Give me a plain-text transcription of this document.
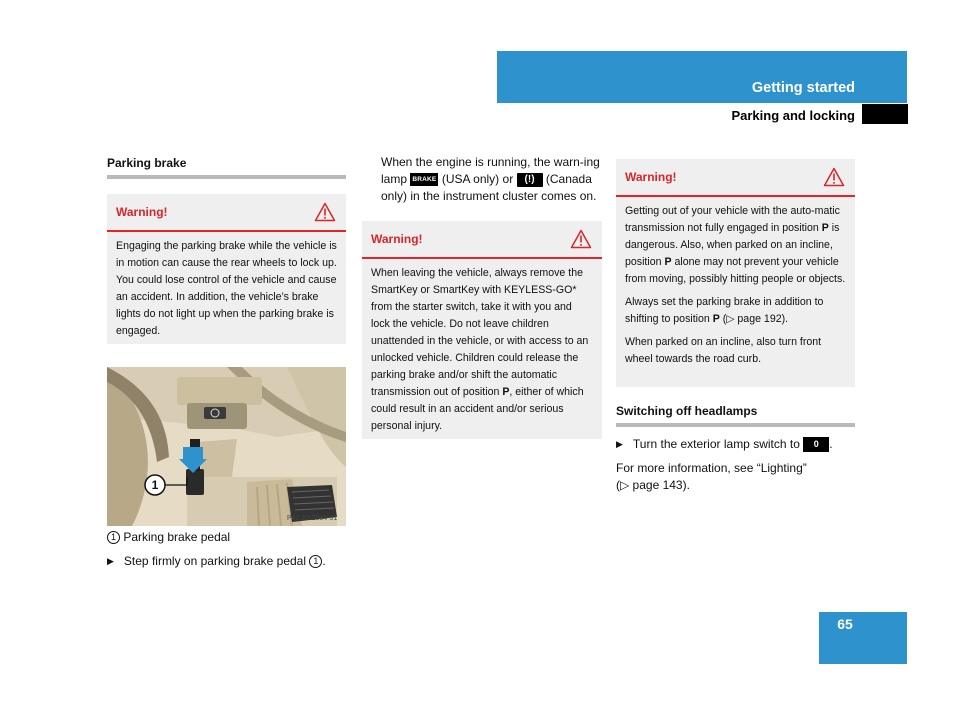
Getting started
Parking and locking
Parking brake
Warning!
Engaging the parking brake while the vehicle is in motion can cause the rear wheels to lock up. You could lose control of the vehicle and cause an accident. In addition, the vehicle’s brake lights do not light up when the parking brake is engaged.
1
P42.20-2384-31
1 Parking brake pedal
▶ Step firmly on parking brake pedal 1 .
When the engine is running, the warn-ing lamp BRAKE (USA only) or (!) (Canada only) in the instrument cluster comes on.
Warning!
When leaving the vehicle, always remove the SmartKey or SmartKey with KEYLESS-GO* from the starter switch, take it with you and lock the vehicle. Do not leave children unattended in the vehicle, or with access to an unlocked vehicle. Children could release the parking brake and/or shift the automatic transmission out of position P, either of which could result in an accident and/or serious personal injury.
Warning!

Getting out of your vehicle with the auto-matic transmission not fully engaged in position P is dangerous. Also, when parked on an incline, position P alone may not prevent your vehicle from moving, possibly hitting people or objects.

Always set the parking brake in addition to shifting to position P (▷ page 192).

When parked on an incline, also turn front wheel towards the road curb.

Switching off headlamps
▶ Turn the exterior lamp switch to 0 .
For more information, see “Lighting”
(▷ page 143).
65
